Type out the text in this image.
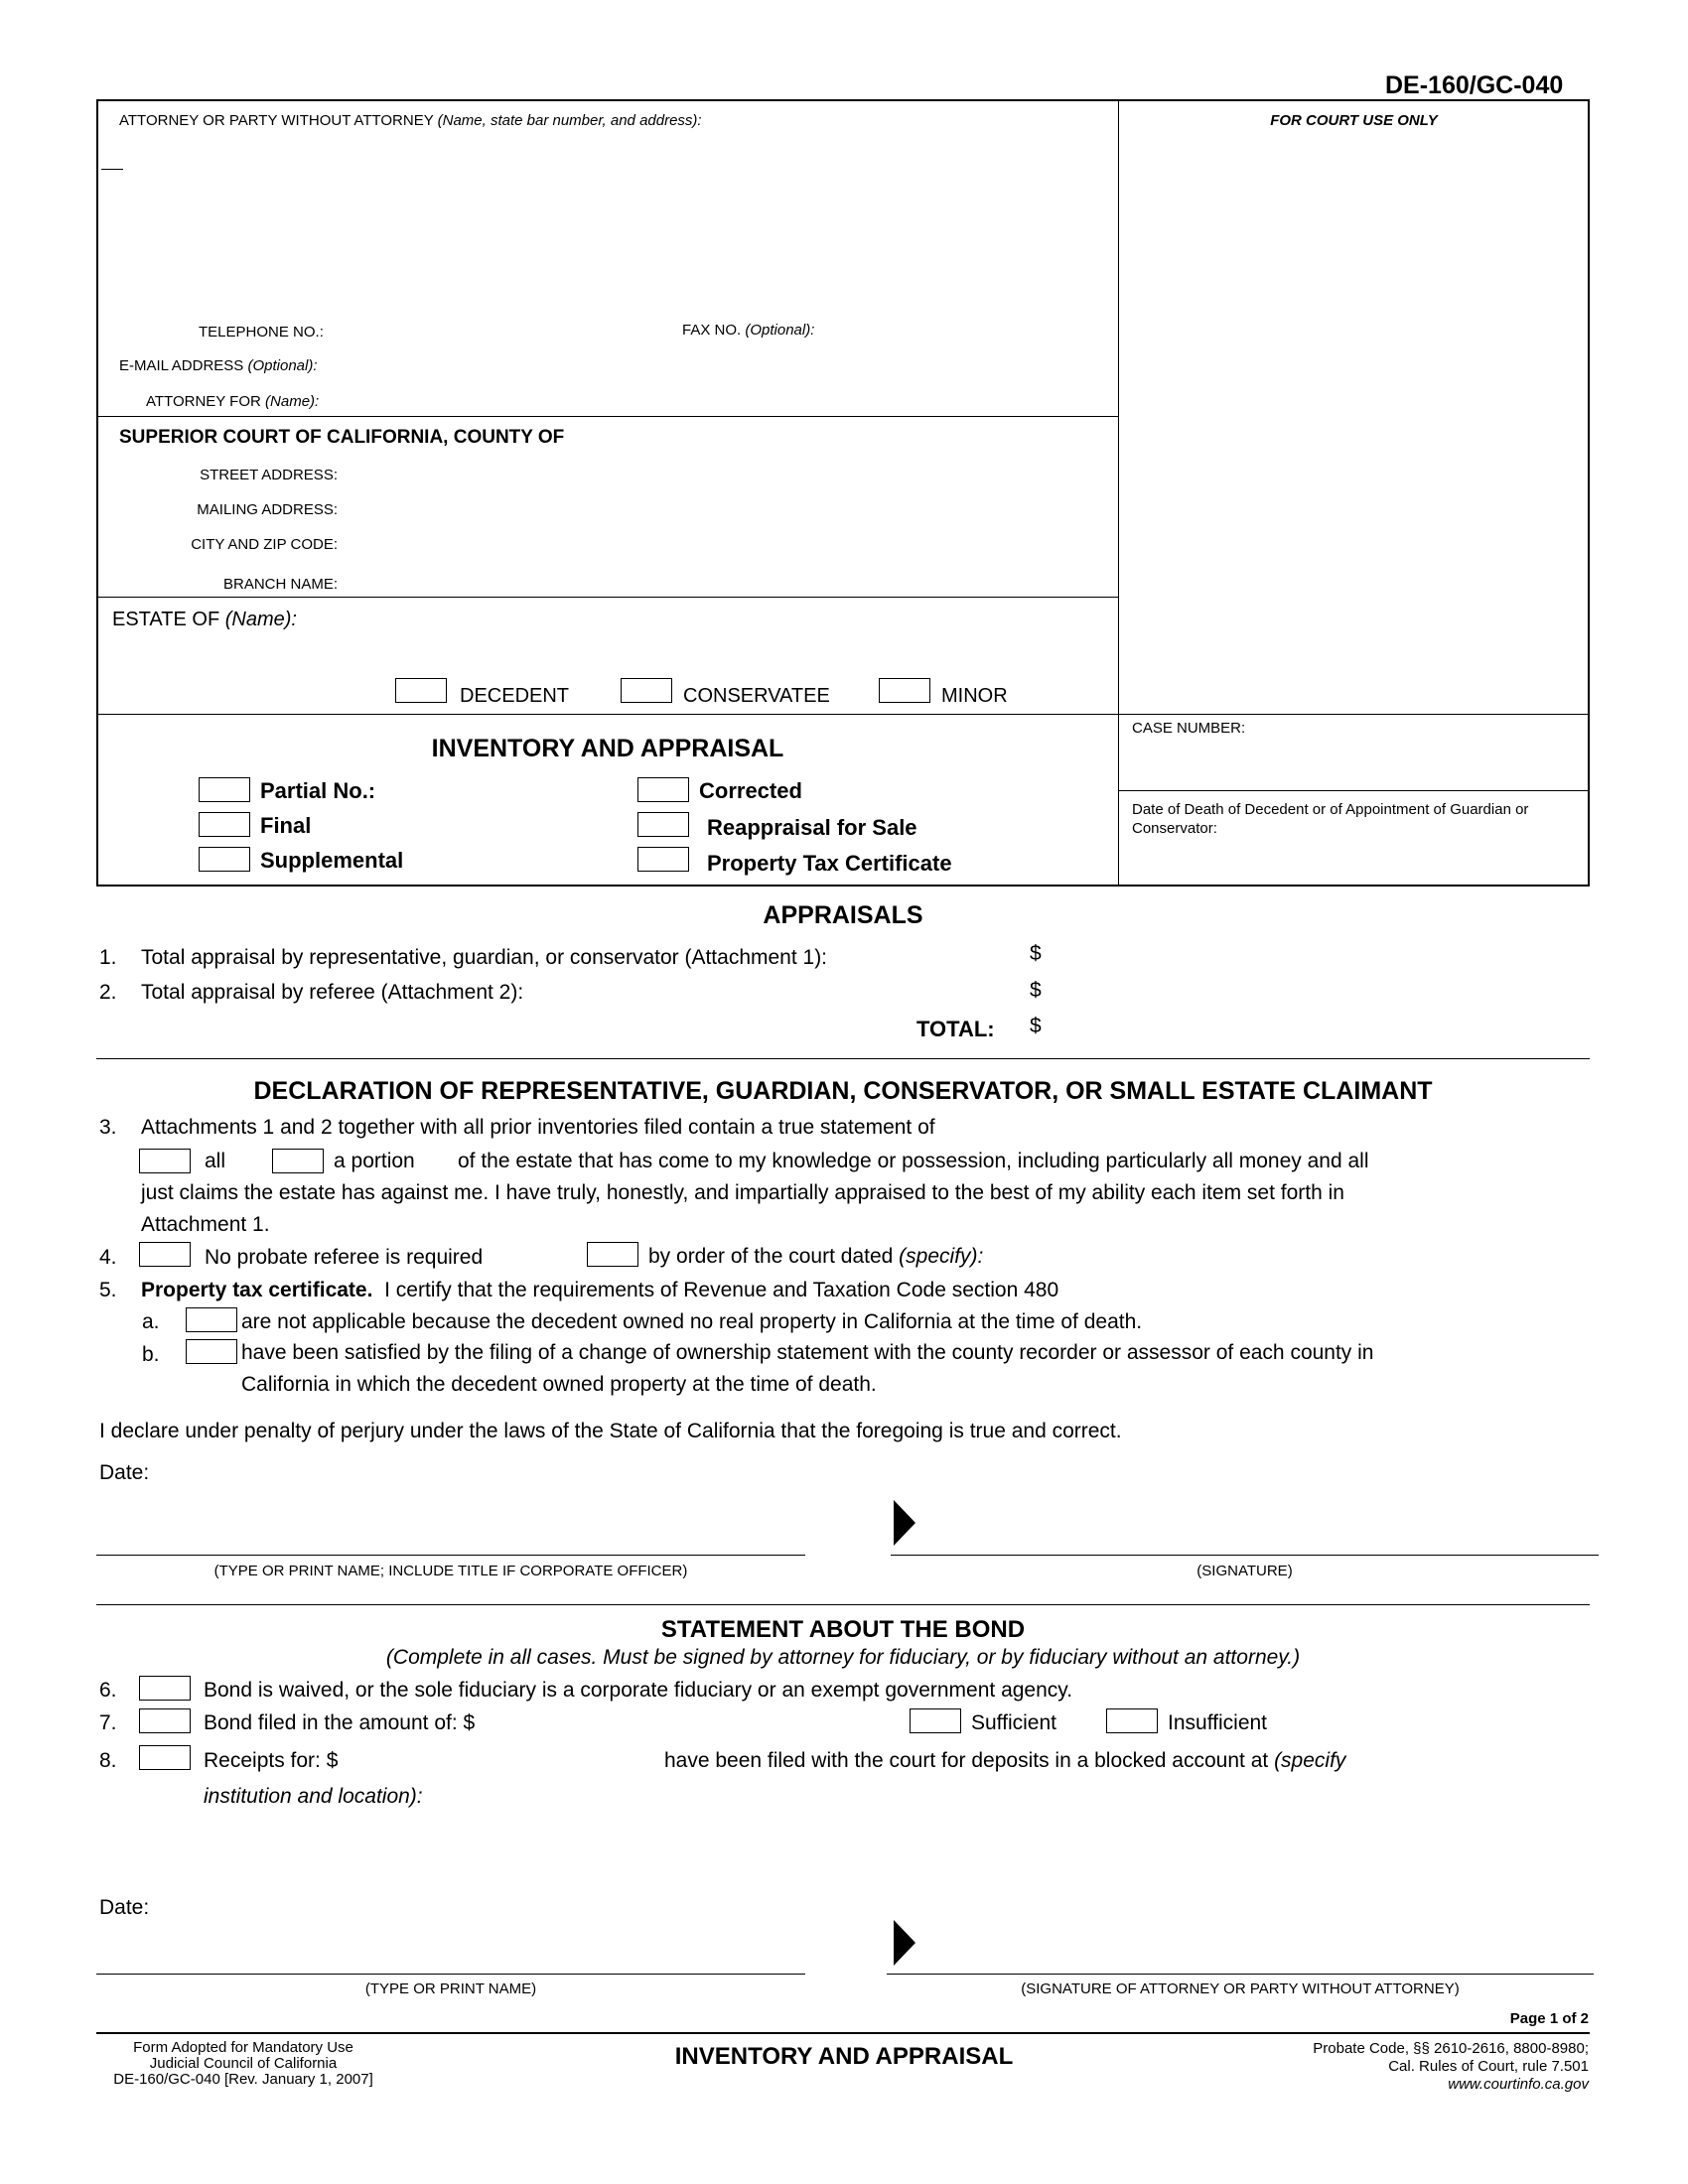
DE-160/GC-040
ATTORNEY OR PARTY WITHOUT ATTORNEY (Name, state bar number, and address):
TELEPHONE NO.:	FAX NO. (Optional):
E-MAIL ADDRESS (Optional):
ATTORNEY FOR (Name):
FOR COURT USE ONLY
SUPERIOR COURT OF CALIFORNIA, COUNTY OF
STREET ADDRESS:
MAILING ADDRESS:
CITY AND ZIP CODE:
BRANCH NAME:
ESTATE OF (Name):
DECEDENT	CONSERVATEE	MINOR
INVENTORY AND APPRAISAL
Partial No.:
Final
Supplemental
Corrected
Reappraisal for Sale
Property Tax Certificate
CASE NUMBER:
Date of Death of Decedent or of Appointment of Guardian or Conservator:
APPRAISALS
1. Total appraisal by representative, guardian, or conservator (Attachment 1):	$
2. Total appraisal by referee (Attachment 2):	$
TOTAL: $
DECLARATION OF REPRESENTATIVE, GUARDIAN, CONSERVATOR, OR SMALL ESTATE CLAIMANT
3. Attachments 1 and 2 together with all prior inventories filed contain a true statement of
all	a portion of the estate that has come to my knowledge or possession, including particularly all money and all
just claims the estate has against me. I have truly, honestly, and impartially appraised to the best of my ability each item set forth in
Attachment 1.
4.	No probate referee is required	by order of the court dated (specify):
5. Property tax certificate. I certify that the requirements of Revenue and Taxation Code section 480
a.	are not applicable because the decedent owned no real property in California at the time of death.
b.	have been satisfied by the filing of a change of ownership statement with the county recorder or assessor of each county in
California in which the decedent owned property at the time of death.
I declare under penalty of perjury under the laws of the State of California that the foregoing is true and correct.
Date:
(TYPE OR PRINT NAME; INCLUDE TITLE IF CORPORATE OFFICER)	(SIGNATURE)
STATEMENT ABOUT THE BOND
(Complete in all cases. Must be signed by attorney for fiduciary, or by fiduciary without an attorney.)
6.	Bond is waived, or the sole fiduciary is a corporate fiduciary or an exempt government agency.
7.	Bond filed in the amount of: $	Sufficient	Insufficient
8.	Receipts for: $	have been filed with the court for deposits in a blocked account at (specify
institution and location):
Date:
(TYPE OR PRINT NAME)	(SIGNATURE OF ATTORNEY OR PARTY WITHOUT ATTORNEY)
Page 1 of 2
Form Adopted for Mandatory Use
Judicial Council of California
DE-160/GC-040 [Rev. January 1, 2007]
INVENTORY AND APPRAISAL	Probate Code, §§ 2610-2616, 8800-8980;
Cal. Rules of Court, rule 7.501
www.courtinfo.ca.gov
